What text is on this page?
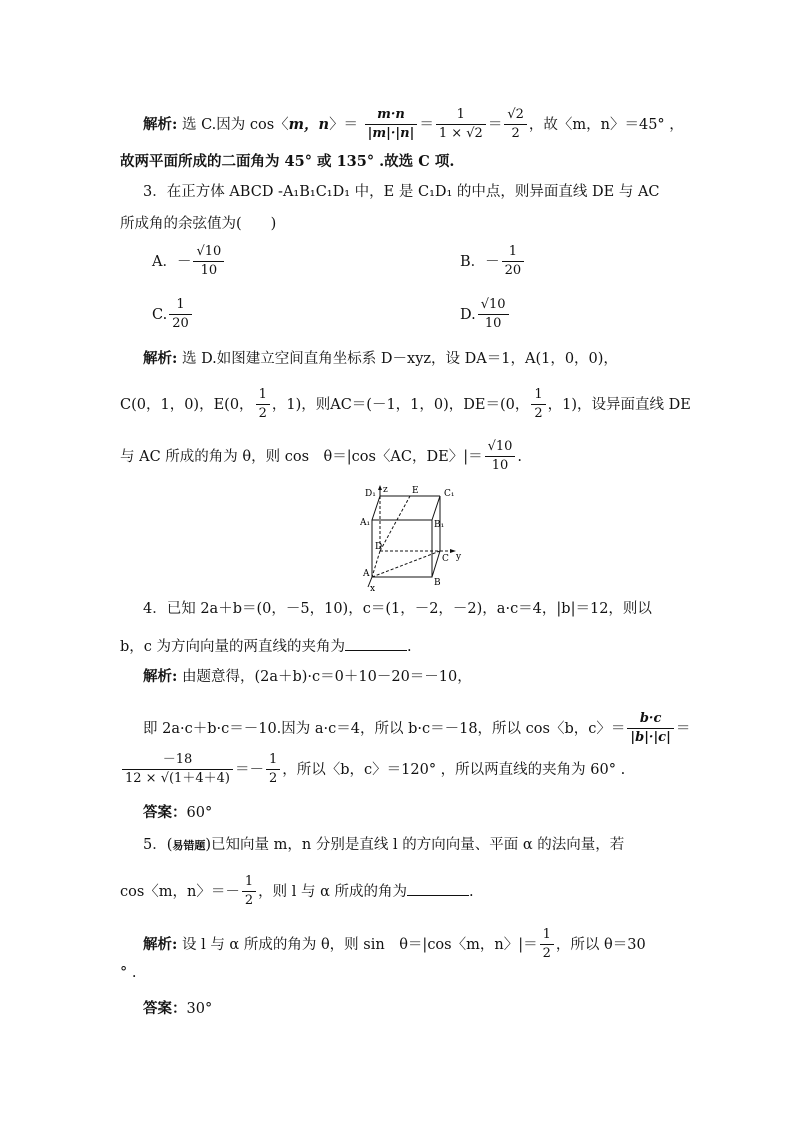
解析: 选 C.因为 cos〈m，n〉＝ $\frac{m\cdot n}{|m|\cdot|n|} = \frac{1}{1 \times √2} = \frac{√2}{2}$ ，故〈m，n〉＝45° ，
故两平面所成的二面角为 45° 或 135° .故选 C 项.
3．在正方体 ABCD -A₁B₁C₁D₁ 中，E 是 C₁D₁ 的中点，则异面直线 DE 与 AC
所成角的余弦值为(　　)
A．－ $\frac{√10}{10}$	B．－ $\frac{1}{20}$
C. $\frac{1}{20}$	D. $\frac{√10}{10}$
解析: 选 D.如图建立空间直角坐标系 D－xyz，设 DA＝1，A(1，0，0)，
C(0，1，0)，E(0， $\frac{1}{2}$ ，1)，则AC＝(－1，1，0)，DE＝(0， $\frac{1}{2}$ ，1)，设异面直线 DE
与 AC 所成的角为 θ，则 cos　θ＝|cos〈AC，DE〉|＝ $\frac{√10}{10}$ .
D₁ z	E	C₁
A₁	B₁
D
C y
A
B
x
4．已知 2a＋b＝(0，－5，10)，c＝(1，－2，－2)，a·c＝4，|b|＝12，则以
b，c 为方向向量的两直线的夹角为	.
解析: 由题意得，(2a＋b)·c＝0＋10－20＝－10，
即 2a·c＋b·c＝－10.因为 a·c＝4，所以 b·c＝－18，所以 cos〈b，c〉＝ $\frac{b\cdot c}{|b|\cdot|c|}$ ＝
$\frac{-18}{12 \times √(1+4+4)} =- \frac{1}{2}$ ，所以〈b，c〉＝120° ，所以两直线的夹角为 60° .
答案：60°
5．(易错题)已知向量 m，n 分别是直线 l 的方向向量、平面 α 的法向量，若
cos〈m，n〉＝－ $\frac{1}{2}$ ，则 l 与 α 所成的角为	.
解析: 设 l 与 α 所成的角为 θ，则 sin　θ＝|cos〈m，n〉|＝ $\frac{1}{2}$ ，所以 θ＝30
° .
答案：30°
